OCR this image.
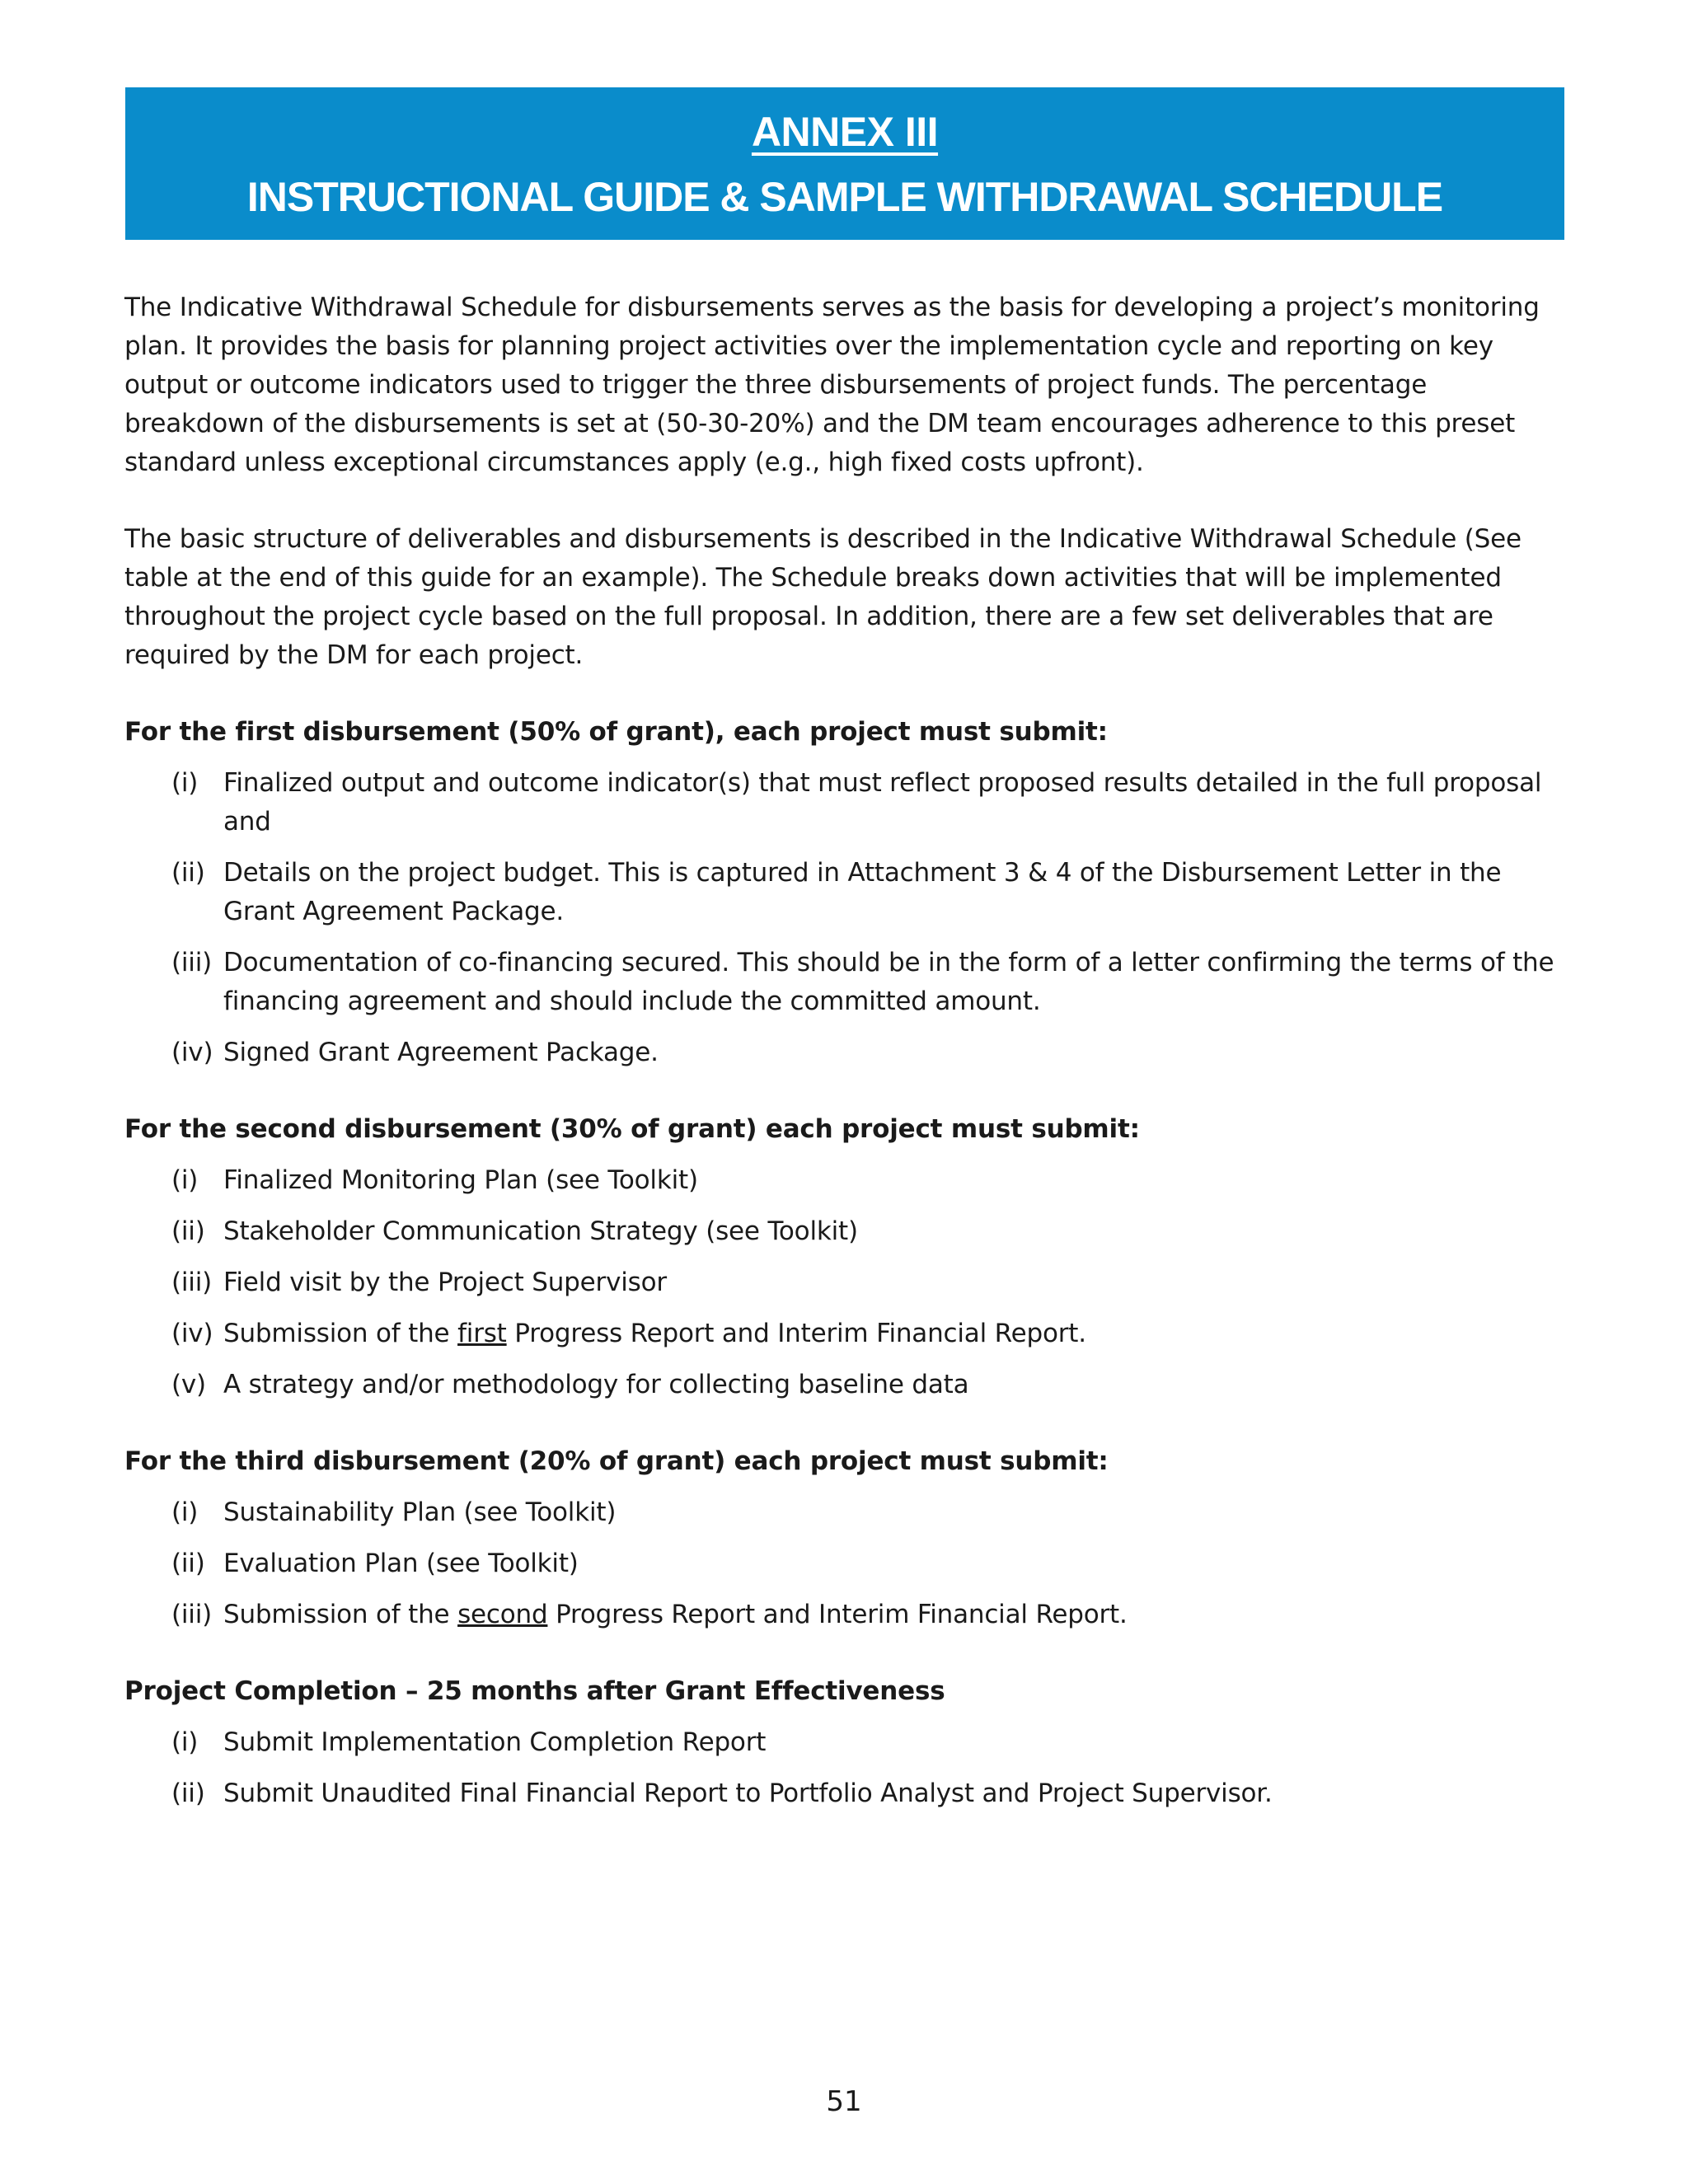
ANNEX III
INSTRUCTIONAL GUIDE & SAMPLE WITHDRAWAL SCHEDULE

The Indicative Withdrawal Schedule for disbursements serves as the basis for developing a project’s monitoring plan. It provides the basis for planning project activities over the implementation cycle and reporting on key output or outcome indicators used to trigger the three disbursements of project funds. The percentage breakdown of the disbursements is set at (50-30-20%) and the DM team encourages adherence to this preset standard unless exceptional circumstances apply (e.g., high fixed costs upfront).

The basic structure of deliverables and disbursements is described in the Indicative Withdrawal Schedule (See table at the end of this guide for an example). The Schedule breaks down activities that will be implemented throughout the project cycle based on the full proposal. In addition, there are a few set deliverables that are required by the DM for each project.

For the first disbursement (50% of grant), each project must submit:
(i) Finalized output and outcome indicator(s) that must reflect proposed results detailed in the full proposal and
(ii) Details on the project budget. This is captured in Attachment 3 & 4 of the Disbursement Letter in the Grant Agreement Package.
(iii) Documentation of co-financing secured. This should be in the form of a letter confirming the terms of the financing agreement and should include the committed amount.
(iv) Signed Grant Agreement Package.
For the second disbursement (30% of grant) each project must submit:
(i) Finalized Monitoring Plan (see Toolkit)
(ii) Stakeholder Communication Strategy (see Toolkit)
(iii) Field visit by the Project Supervisor
(iv) Submission of the first Progress Report and Interim Financial Report.
(v) A strategy and/or methodology for collecting baseline data
For the third disbursement (20% of grant) each project must submit:
(i) Sustainability Plan (see Toolkit)
(ii) Evaluation Plan (see Toolkit)
(iii) Submission of the second Progress Report and Interim Financial Report.
Project Completion – 25 months after Grant Effectiveness
(i) Submit Implementation Completion Report
(ii) Submit Unaudited Final Financial Report to Portfolio Analyst and Project Supervisor.
51
